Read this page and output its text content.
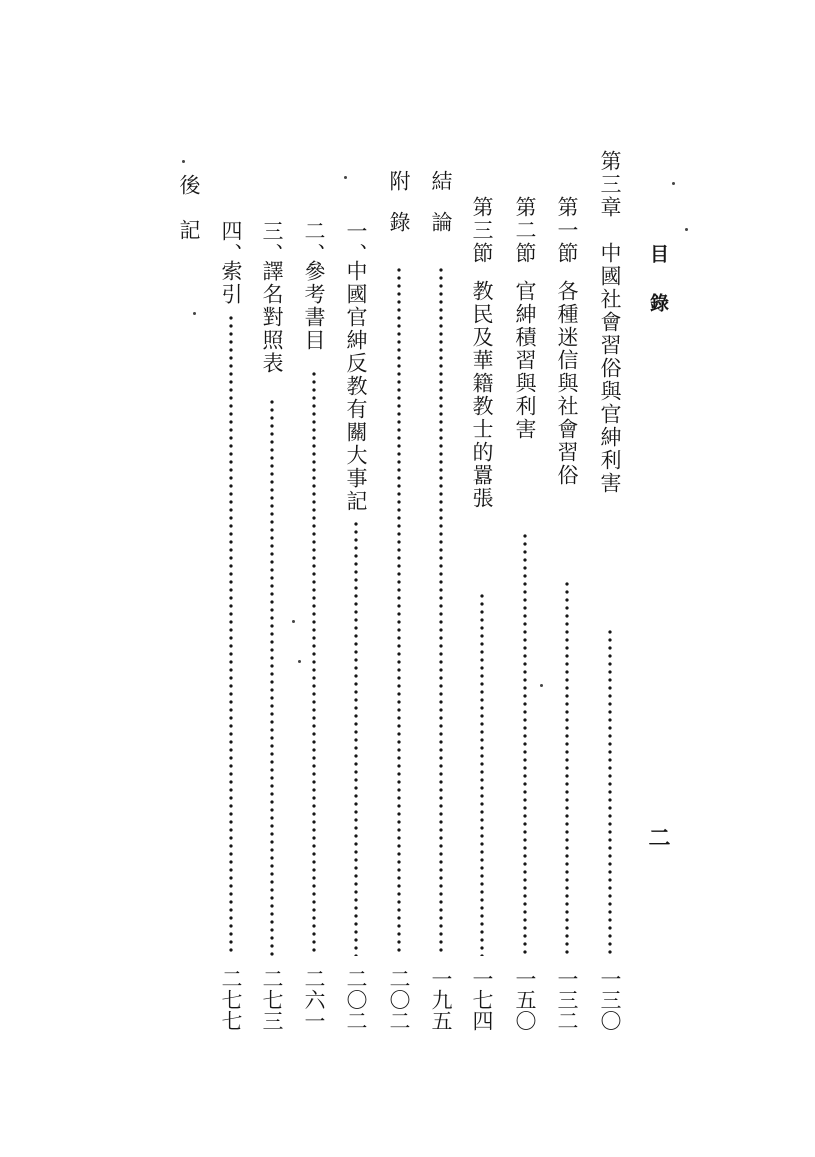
目錄
二
第三章
中國社會習俗與官紳利害
一三〇
第一節
各種迷信與社會習俗
一三二
第二節
官紳積習與利害
一五〇
第三節
教民及華籍教士的囂張
一七四
結論
一九五
附錄
二〇二
一、
中國官紳反教有關大事記
二〇二
二、
參考書目
二六一
三、
譯名對照表
二七三
四、
索引
二七七
後記
